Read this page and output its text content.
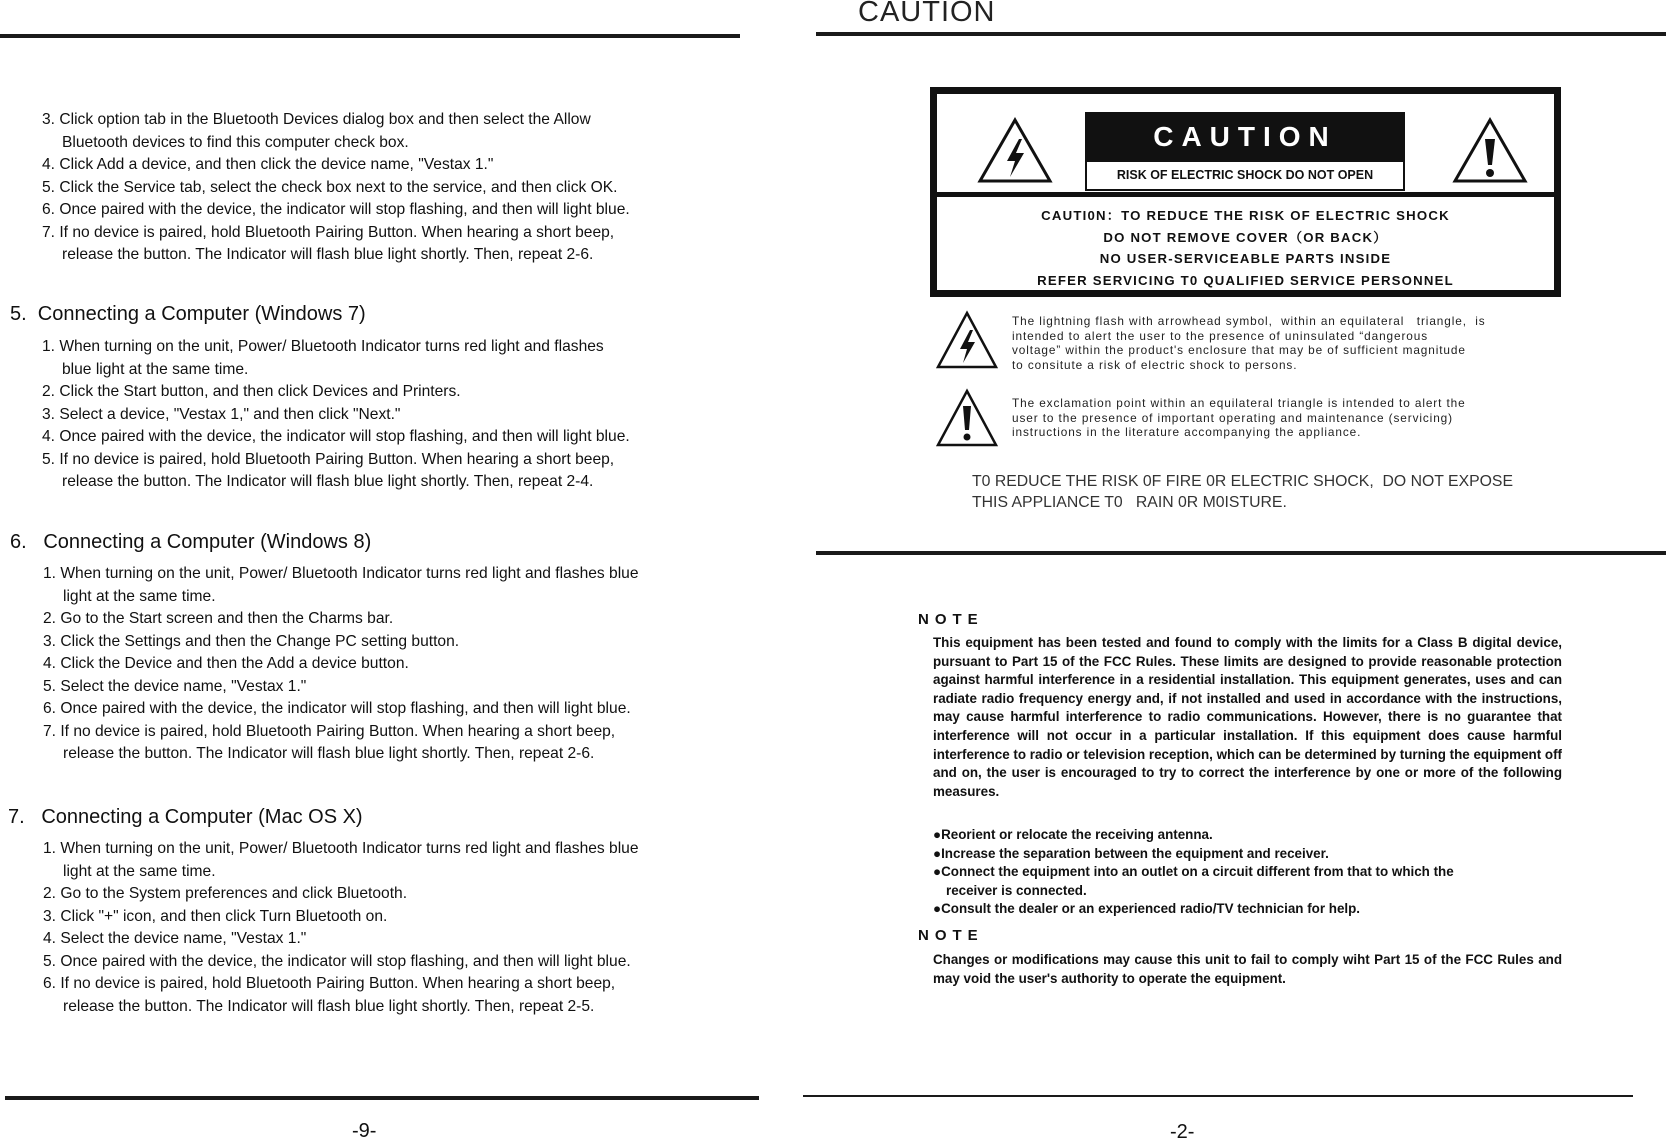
3. Click option tab in the Bluetooth Devices dialog box and then select the Allow
Bluetooth devices to find this computer check box.
4. Click Add a device, and then click the device name, "Vestax 1."
5. Click the Service tab, select the check box next to the service, and then click OK.
6. Once paired with the device, the indicator will stop flashing, and then will light blue.
7. If no device is paired, hold Bluetooth Pairing Button. When hearing a short beep,
release the button. The Indicator will flash blue light shortly. Then, repeat 2-6.
5.  Connecting a Computer (Windows 7)
1. When turning on the unit, Power/ Bluetooth Indicator turns red light and flashes
blue light at the same time.
2. Click the Start button, and then click Devices and Printers.
3. Select a device, "Vestax 1," and then click "Next."
4. Once paired with the device, the indicator will stop flashing, and then will light blue.
5. If no device is paired, hold Bluetooth Pairing Button. When hearing a short beep,
release the button. The Indicator will flash blue light shortly. Then, repeat 2-4.
6.   Connecting a Computer (Windows 8)
1. When turning on the unit, Power/ Bluetooth Indicator turns red light and flashes blue
light at the same time.
2. Go to the Start screen and then the Charms bar.
3. Click the Settings and then the Change PC setting button.
4. Click the Device and then the Add a device button.
5. Select the device name, "Vestax 1."
6. Once paired with the device, the indicator will stop flashing, and then will light blue.
7. If no device is paired, hold Bluetooth Pairing Button. When hearing a short beep,
release the button. The Indicator will flash blue light shortly. Then, repeat 2-6.
7.   Connecting a Computer (Mac OS X)
1. When turning on the unit, Power/ Bluetooth Indicator turns red light and flashes blue
light at the same time.
2. Go to the System preferences and click Bluetooth.
3. Click "+" icon, and then click Turn Bluetooth on.
4. Select the device name, "Vestax 1."
5. Once paired with the device, the indicator will stop flashing, and then will light blue.
6. If no device is paired, hold Bluetooth Pairing Button. When hearing a short beep,
release the button. The Indicator will flash blue light shortly. Then, repeat 2-5.
-9-
CAUTION
CAUTION
RISK OF ELECTRIC SHOCK DO NOT OPEN
CAUTI0N：TO REDUCE THE RISK OF ELECTRIC SHOCK
DO NOT REMOVE COVER（OR BACK）
NO USER-SERVICEABLE PARTS INSIDE
REFER SERVICING T0 QUALIFIED SERVICE PERSONNEL
The lightning flash with arrowhead symbol,  within an equilateral   triangle,  is
intended to alert the user to the presence of uninsulated “dangerous
voltage” within the product's enclosure that may be of sufficient magnitude
to consitute a risk of electric shock to persons.
The exclamation point within an equilateral triangle is intended to alert the
user to the presence of important operating and maintenance (servicing)
instructions in the literature accompanying the appliance.
T0 REDUCE THE RISK 0F FIRE 0R ELECTRIC SHOCK,  DO NOT EXPOSE
THIS APPLIANCE T0   RAIN 0R M0ISTURE.
NOTE
This equipment has been tested and found to comply with the limits for a Class B digital device, pursuant to Part 15 of the FCC Rules. These limits are designed to provide reasonable protection against harmful interference in a residential installation. This equipment generates, uses and can radiate radio frequency energy and, if not installed and used in accordance with the instructions, may cause harmful interference to radio communications. However, there is no guarantee that interference will not occur in a particular installation. If this equipment does cause harmful interference to radio or television reception, which can be determined by turning the equipment off and on, the user is encouraged to try to correct the interference by one or more of the following measures.
●Reorient or relocate the receiving antenna.
●Increase the separation between the equipment and receiver.
●Connect the equipment into an outlet on a circuit different from that to which the
receiver is connected.
●Consult the dealer or an experienced radio/TV technician for help.
NOTE
Changes or modifications may cause this unit to fail to comply wiht Part 15 of the FCC Rules and may void the user's authority to operate the equipment.
-2-
